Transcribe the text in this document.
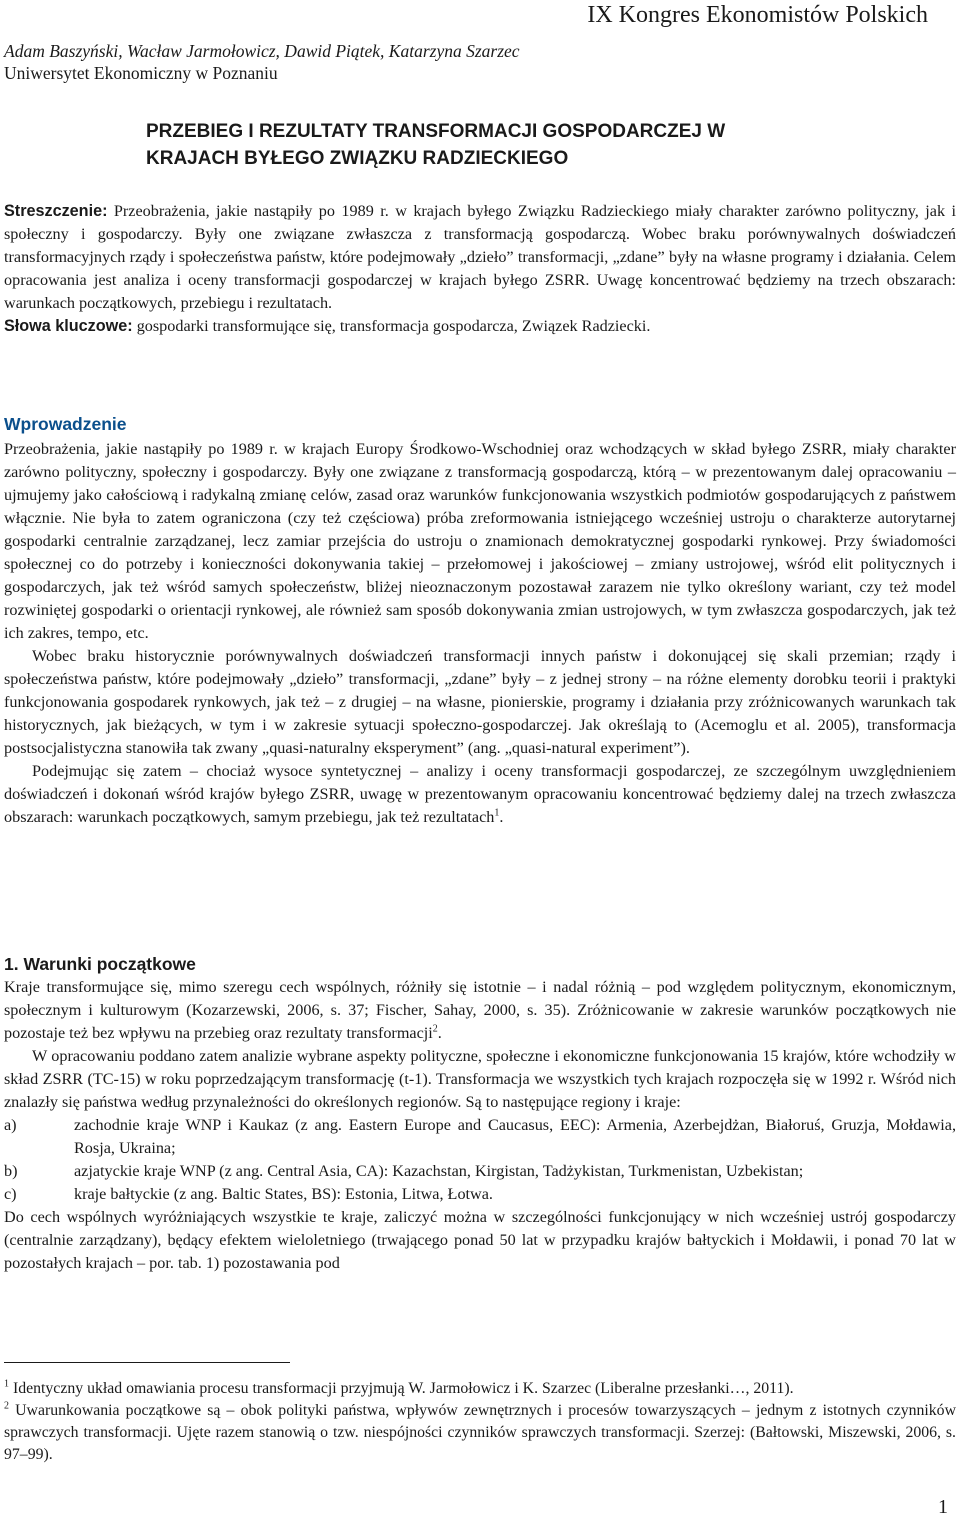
IX Kongres Ekonomistów Polskich
Adam Baszyński, Wacław Jarmołowicz, Dawid Piątek, Katarzyna Szarzec
Uniwersytet Ekonomiczny w Poznaniu
PRZEBIEG I REZULTATY TRANSFORMACJI GOSPODARCZEJ W
KRAJACH BYŁEGO ZWIĄZKU RADZIECKIEGO

Streszczenie: Przeobrażenia, jakie nastąpiły po 1989 r. w krajach byłego Związku Radzieckiego miały charakter zarówno polityczny, jak i społeczny i gospodarczy. Były one związane zwłaszcza z transformacją gospodarczą. Wobec braku porównywalnych doświadczeń transformacyjnych rządy i społeczeństwa państw, które podejmowały „dzieło” transformacji, „zdane” były na własne programy i działania. Celem opracowania jest analiza i oceny transformacji gospodarczej w krajach byłego ZSRR. Uwagę koncentrować będziemy na trzech obszarach: warunkach początkowych, przebiegu i rezultatach.

Słowa kluczowe: gospodarki transformujące się, transformacja gospodarcza, Związek Radziecki.

Wprowadzenie

Przeobrażenia, jakie nastąpiły po 1989 r. w krajach Europy Środkowo-Wschodniej oraz wchodzących w skład byłego ZSRR, miały charakter zarówno polityczny, społeczny i gospodarczy. Były one związane z transformacją gospodarczą, którą – w prezentowanym dalej opracowaniu – ujmujemy jako całościową i radykalną zmianę celów, zasad oraz warunków funkcjonowania wszystkich podmiotów gospodarujących z państwem włącznie. Nie była to zatem ograniczona (czy też częściowa) próba zreformowania istniejącego wcześniej ustroju o charakterze autorytarnej gospodarki centralnie zarządzanej, lecz zamiar przejścia do ustroju o znamionach demokratycznej gospodarki rynkowej. Przy świadomości społecznej co do potrzeby i konieczności dokonywania takiej – przełomowej i jakościowej – zmiany ustrojowej, wśród elit politycznych i gospodarczych, jak też wśród samych społeczeństw, bliżej nieoznaczonym pozostawał zarazem nie tylko określony wariant, czy też model rozwiniętej gospodarki o orientacji rynkowej, ale również sam sposób dokonywania zmian ustrojowych, w tym zwłaszcza gospodarczych, jak też ich zakres, tempo, etc.

Wobec braku historycznie porównywalnych doświadczeń transformacji innych państw i dokonującej się skali przemian; rządy i społeczeństwa państw, które podejmowały „dzieło” transformacji, „zdane” były – z jednej strony – na różne elementy dorobku teorii i praktyki funkcjonowania gospodarek rynkowych, jak też – z drugiej – na własne, pionierskie, programy i działania przy zróżnicowanych warunkach tak historycznych, jak bieżących, w tym i w zakresie sytuacji społeczno-gospodarczej. Jak określają to (Acemoglu et al. 2005), transformacja postsocjalistyczna stanowiła tak zwany „quasi-naturalny eksperyment” (ang. „quasi-natural experiment”).

Podejmując się zatem – chociaż wysoce syntetycznej – analizy i oceny transformacji gospodarczej, ze szczególnym uwzględnieniem doświadczeń i dokonań wśród krajów byłego ZSRR, uwagę w prezentowanym opracowaniu koncentrować będziemy dalej na trzech zwłaszcza obszarach: warunkach początkowych, samym przebiegu, jak też rezultatach$^1$.

1. Warunki początkowe

Kraje transformujące się, mimo szeregu cech wspólnych, różniły się istotnie – i nadal różnią – pod względem politycznym, ekonomicznym, społecznym i kulturowym (Kozarzewski, 2006, s. 37; Fischer, Sahay, 2000, s. 35). Zróżnicowanie w zakresie warunków początkowych nie pozostaje też bez wpływu na przebieg oraz rezultaty transformacji$^2$.

W opracowaniu poddano zatem analizie wybrane aspekty polityczne, społeczne i ekonomiczne funkcjonowania 15 krajów, które wchodziły w skład ZSRR (TC-15) w roku poprzedzającym transformację (t-1). Transformacja we wszystkich tych krajach rozpoczęła się w 1992 r. Wśród nich znalazły się państwa według przynależności do określonych regionów. Są to następujące regiony i kraje:

a)	zachodnie kraje WNP i Kaukaz (z ang. Eastern Europe and Caucasus, EEC): Armenia, Azerbejdżan, Białoruś, Gruzja, Mołdawia, Rosja, Ukraina;
b)	azjatyckie kraje WNP (z ang. Central Asia, CA): Kazachstan, Kirgistan, Tadżykistan, Turkmenistan, Uzbekistan;
c)	kraje bałtyckie (z ang. Baltic States, BS): Estonia, Litwa, Łotwa.

Do cech wspólnych wyróżniających wszystkie te kraje, zaliczyć można w szczególności funkcjonujący w nich wcześniej ustrój gospodarczy (centralnie zarządzany), będący efektem wieloletniego (trwającego ponad 50 lat w przypadku krajów bałtyckich i Mołdawii, i ponad 70 lat w pozostałych krajach – por. tab. 1) pozostawania pod

$^1$ Identyczny układ omawiania procesu transformacji przyjmują W. Jarmołowicz i K. Szarzec (Liberalne przesłanki…, 2011).

$^2$ Uwarunkowania początkowe są – obok polityki państwa, wpływów zewnętrznych i procesów towarzyszących – jednym z istotnych czynników sprawczych transformacji. Ujęte razem stanowią o tzw. niespójności czynników sprawczych transformacji. Szerzej: (Bałtowski, Miszewski, 2006, s. 97–99).

1
